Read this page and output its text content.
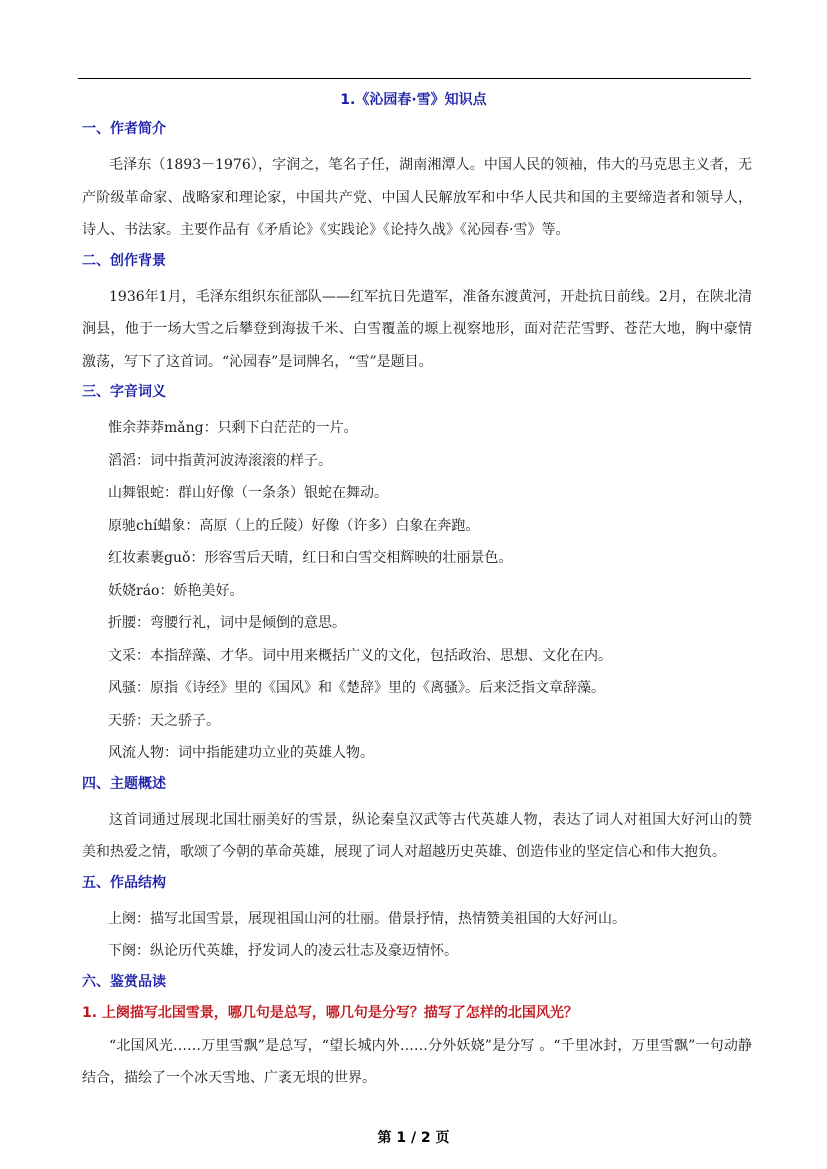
1.《沁园春·雪》知识点

一、作者简介

毛泽东（1893－1976），字润之，笔名子任，湖南湘潭人。中国人民的领袖，伟大的马克思主义者，无产阶级革命家、战略家和理论家，中国共产党、中国人民解放军和中华人民共和国的主要缔造者和领导人，诗人、书法家。主要作品有《矛盾论》《实践论》《论持久战》《沁园春·雪》等。

二、创作背景

1936年1月，毛泽东组织东征部队——红军抗日先遣军，准备东渡黄河，开赴抗日前线。2月，在陕北清涧县，他于一场大雪之后攀登到海拔千米、白雪覆盖的塬上视察地形，面对茫茫雪野、苍茫大地，胸中豪情激荡，写下了这首词。“沁园春”是词牌名，“雪”是题目。

三、字音词义

惟余莽莽mǎng：只剩下白茫茫的一片。

滔滔：词中指黄河波涛滚滚的样子。

山舞银蛇：群山好像（一条条）银蛇在舞动。

原驰chí蜡象：高原（上的丘陵）好像（许多）白象在奔跑。

红妆素裹guǒ：形容雪后天晴，红日和白雪交相辉映的壮丽景色。

妖娆ráo：娇艳美好。

折腰：弯腰行礼，词中是倾倒的意思。

文采：本指辞藻、才华。词中用来概括广义的文化，包括政治、思想、文化在内。

风骚：原指《诗经》里的《国风》和《楚辞》里的《离骚》。后来泛指文章辞藻。

天骄：天之骄子。

风流人物：词中指能建功立业的英雄人物。

四、主题概述

这首词通过展现北国壮丽美好的雪景，纵论秦皇汉武等古代英雄人物，表达了词人对祖国大好河山的赞美和热爱之情，歌颂了今朝的革命英雄，展现了词人对超越历史英雄、创造伟业的坚定信心和伟大抱负。

五、作品结构

上阕：描写北国雪景，展现祖国山河的壮丽。借景抒情，热情赞美祖国的大好河山。

下阕：纵论历代英雄，抒发词人的凌云壮志及豪迈情怀。

六、鉴赏品读

1. 上阕描写北国雪景，哪几句是总写，哪几句是分写？描写了怎样的北国风光？

“北国风光……万里雪飘”是总写，“望长城内外……分外妖娆”是分写 。“千里冰封，万里雪飘”一句动静结合，描绘了一个冰天雪地、广袤无垠的世界。

第 1 / 2 页
